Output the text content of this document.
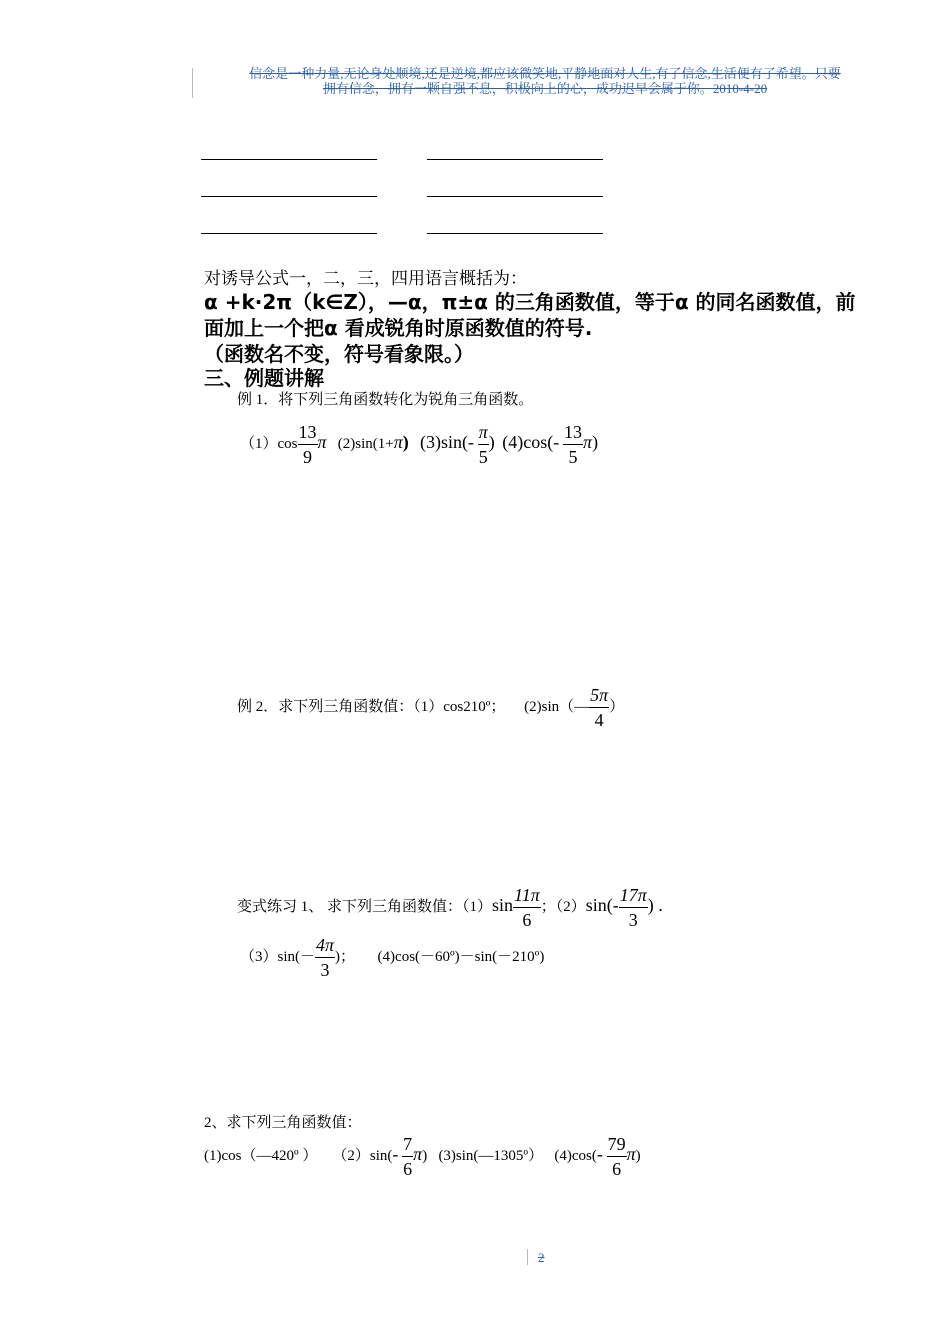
信念是一种力量,无论身处顺境,还是逆境,都应该微笑地,平静地面对人生,有了信念,生活便有了希望。只要
拥有信念，拥有一颗自强不息，积极向上的心，成功迟早会属于你。2010-4-20
对诱导公式一，二，三，四用语言概括为：
α +k·2π（k∈Z），—α，π±α 的三角函数值，等于α 的同名函数值，前
面加上一个把α 看成锐角时原函数值的符号.
（函数名不变，符号看象限。）
三、例题讲解
例 1．将下列三角函数转化为锐角三角函数。
$(1)\cos \frac{13}{9}$ π (2)sin(1+π) $(3)\sin(- \frac{\pi}{5}$ ) $(4)\cos(- \frac{13}{5} \pi)$
例 2．求下列三角函数值：（1）cos210º； (2)sin（— $\frac{5\pi}{4}$ ）
变式练习 1、 求下列三角函数值：$(1)\sin \frac{11\pi}{6}$ ；$(2)\sin(- \frac{17\pi}{3}$ ) .
$(3)\sin(- \frac{4\pi}{3}$ )； (4)cos(－60º)－sin(－210º)
2、求下列三角函数值：
(1)cos（—420º ） $(2)\sin(- \frac{7}{6} \pi)$ (3)sin(—1305º） $(4)\cos(- \frac{79}{6} \pi)$
2
